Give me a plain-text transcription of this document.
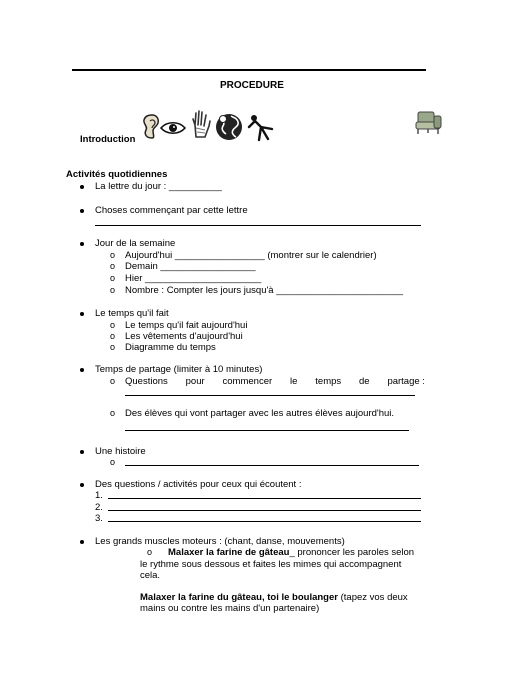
PROCEDURE
Introduction
Activités quotidiennes
La lettre du jour : __________
Choses commençant par cette lettre
Jour de la semaine
o Aujourd'hui _________________ (montrer sur le calendrier)
o Demain __________________
o Hier ______________________
o Nombre : Compter les jours jusqu'à ________________________
Le temps qu'il fait
o Le temps qu'il fait aujourd'hui
o Les vêtements d'aujourd'hui
o Diagramme du temps
Temps de partage (limiter à 10 minutes)
o Questions pour commencer le temps de partage :
o Des élèves qui vont partager avec les autres élèves aujourd'hui.
Une histoire
o
Des questions / activités pour ceux qui écoutent :
1.
2.
3.
Les grands muscles moteurs : (chant, danse, mouvements)
o Malaxer la farine de gâteau_ prononcer les paroles selon
le rythme sous dessous et faites les mimes qui accompagnent
cela.
Malaxer la farine du gâteau, toi le boulanger (tapez vos deux
mains ou contre les mains d'un partenaire)
